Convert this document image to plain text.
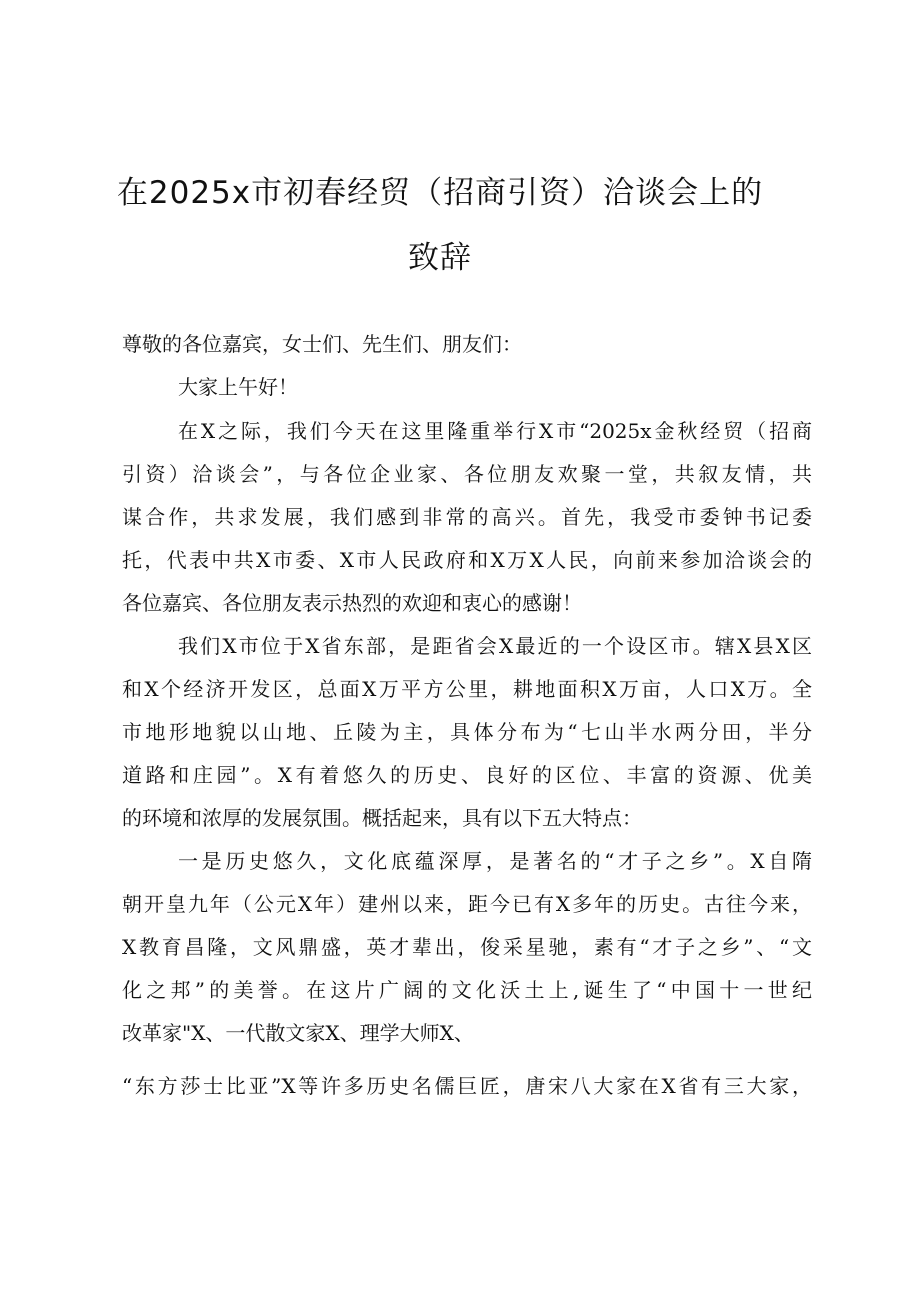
在2025x市初春经贸（招商引资）洽谈会上的
致辞
尊敬的各位嘉宾，女士们、先生们、朋友们：
大家上午好！
在X之际，我们今天在这里隆重举行X市“2025x金秋经贸（招商
引资）洽谈会”，与各位企业家、各位朋友欢聚一堂，共叙友情，共
谋合作，共求发展，我们感到非常的高兴。首先，我受市委钟书记委
托，代表中共X市委、X市人民政府和X万X人民，向前来参加洽谈会的
各位嘉宾、各位朋友表示热烈的欢迎和衷心的感谢！
我们X市位于X省东部，是距省会X最近的一个设区市。辖X县X区
和X个经济开发区，总面X万平方公里，耕地面积X万亩，人口X万。全
市地形地貌以山地、丘陵为主，具体分布为“七山半水两分田，半分
道路和庄园”。X有着悠久的历史、良好的区位、丰富的资源、优美
的环境和浓厚的发展氛围。概括起来，具有以下五大特点：
一是历史悠久，文化底蕴深厚，是著名的“才子之乡”。X自隋
朝开皇九年（公元X年）建州以来，距今已有X多年的历史。古往今来，
X教育昌隆，文风鼎盛，英才辈出，俊采星驰，素有“才子之乡”、“文
化之邦”的美誉。在这片广阔的文化沃土上,诞生了“中国十一世纪
改革家"X、一代散文家X、理学大师X、
“东方莎士比亚”X等许多历史名儒巨匠，唐宋八大家在X省有三大家，
